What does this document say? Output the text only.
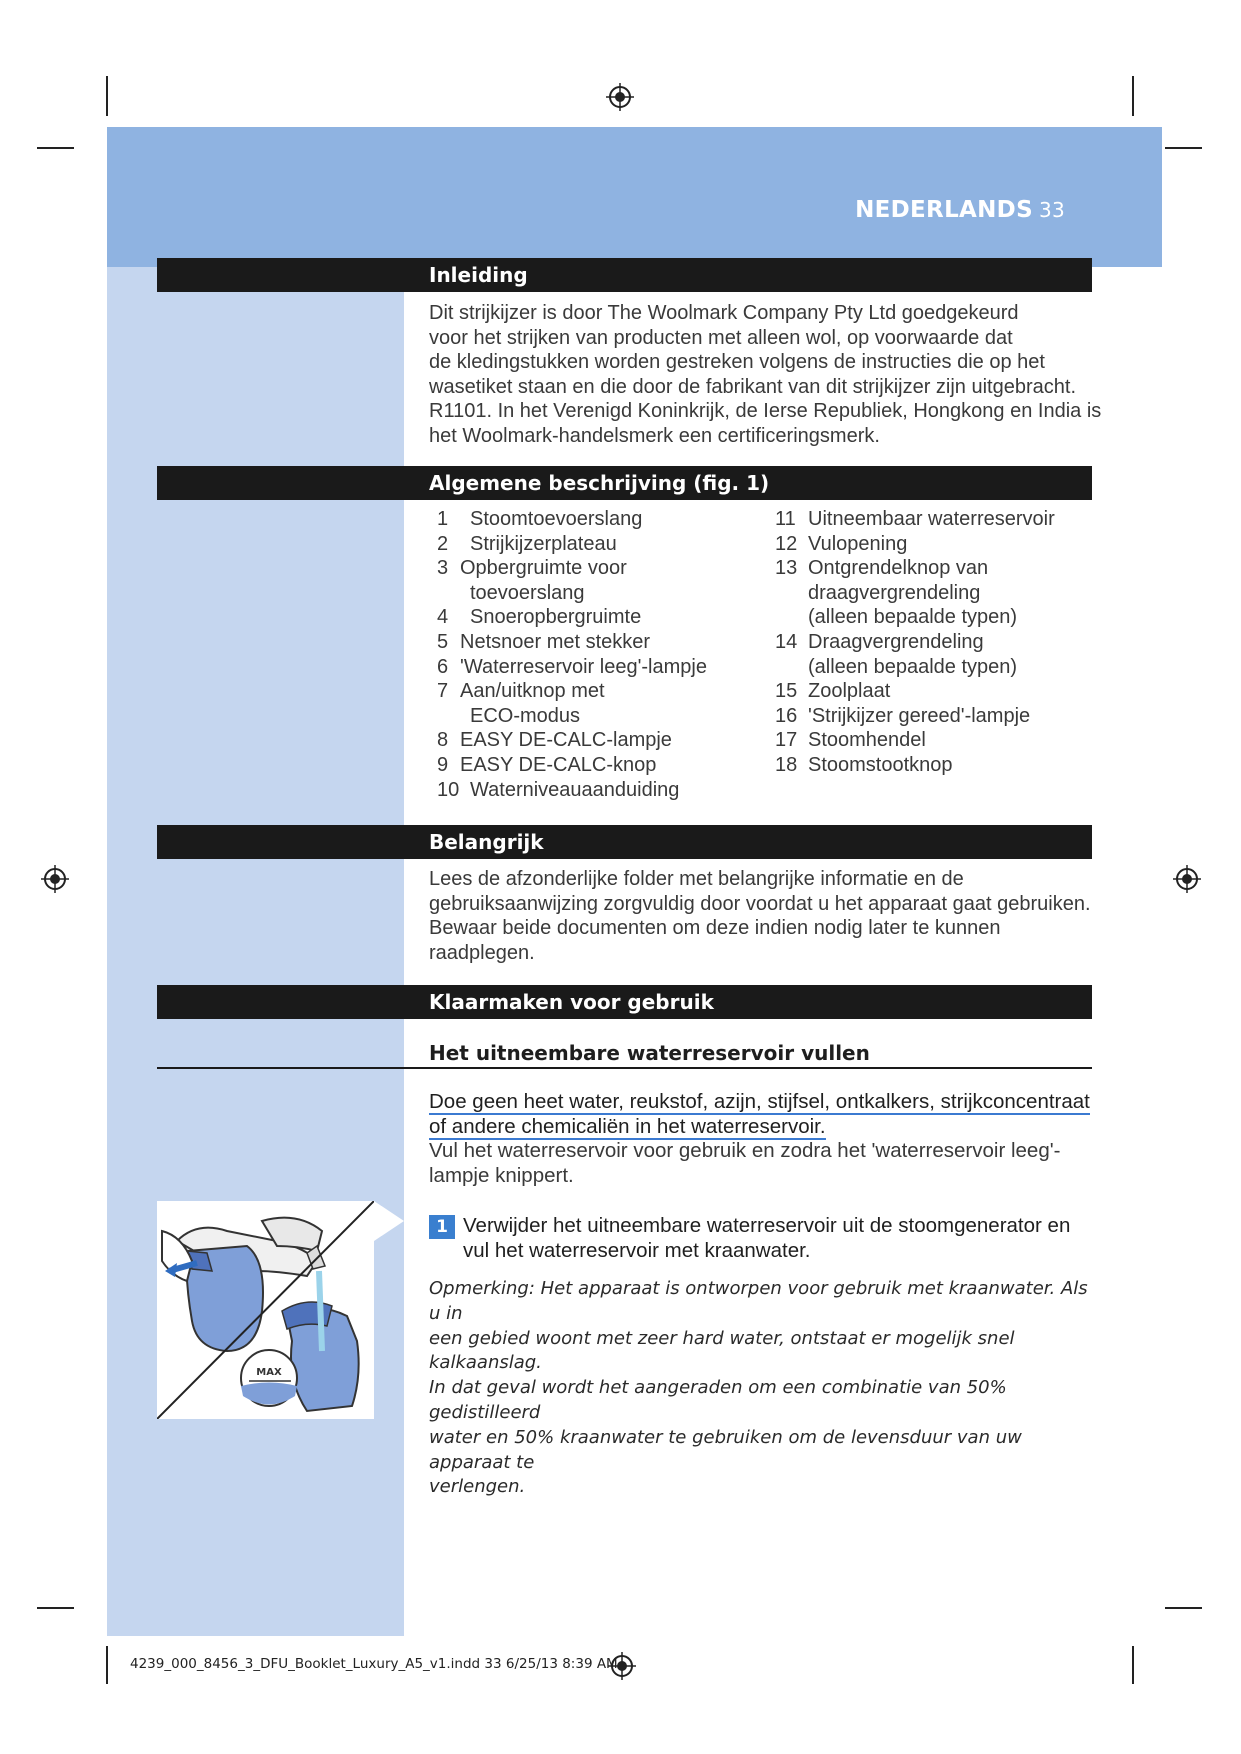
NEDERLANDS 33
Inleiding
Dit strijkijzer is door The Woolmark Company Pty Ltd goedgekeurd
voor het strijken van producten met alleen wol, op voorwaarde dat
de kledingstukken worden gestreken volgens de instructies die op het
wasetiket staan en die door de fabrikant van dit strijkijzer zijn uitgebracht.
R1101. In het Verenigd Koninkrijk, de Ierse Republiek, Hongkong en India is
het Woolmark-handelsmerk een certificeringsmerk.
Algemene beschrijving (fig. 1)
1 Stoomtoevoerslang
2 Strijkijzerplateau
3 Opbergruimte voor
toevoerslang
4 Snoeropbergruimte
5 Netsnoer met stekker
6 'Waterreservoir leeg'-lampje
7 Aan/uitknop met
ECO-modus
8 EASY DE-CALC-lampje
9 EASY DE-CALC-knop
10 Waterniveauaanduiding
11 Uitneembaar waterreservoir
12 Vulopening
13 Ontgrendelknop van
draagvergrendeling
(alleen bepaalde typen)
14 Draagvergrendeling
(alleen bepaalde typen)
15 Zoolplaat
16 'Strijkijzer gereed'-lampje
17 Stoomhendel
18 Stoomstootknop
Belangrijk
Lees de afzonderlijke folder met belangrijke informatie en de
gebruiksaanwijzing zorgvuldig door voordat u het apparaat gaat gebruiken.
Bewaar beide documenten om deze indien nodig later te kunnen
raadplegen.
Klaarmaken voor gebruik
Het uitneembare waterreservoir vullen
Doe geen heet water, reukstof, azijn, stijfsel, ontkalkers, strijkconcentraat
of andere chemicaliën in het waterreservoir.
Vul het waterreservoir voor gebruik en zodra het 'waterreservoir leeg'-
lampje knippert.
MAX
1 Verwijder het uitneembare waterreservoir uit de stoomgenerator en
vul het waterreservoir met kraanwater.
Opmerking: Het apparaat is ontworpen voor gebruik met kraanwater. Als u in
een gebied woont met zeer hard water, ontstaat er mogelijk snel kalkaanslag.
In dat geval wordt het aangeraden om een combinatie van 50% gedistilleerd
water en 50% kraanwater te gebruiken om de levensduur van uw apparaat te
verlengen.
4239_000_8456_3_DFU_Booklet_Luxury_A5_v1.indd 33 6/25/13 8:39 AM
